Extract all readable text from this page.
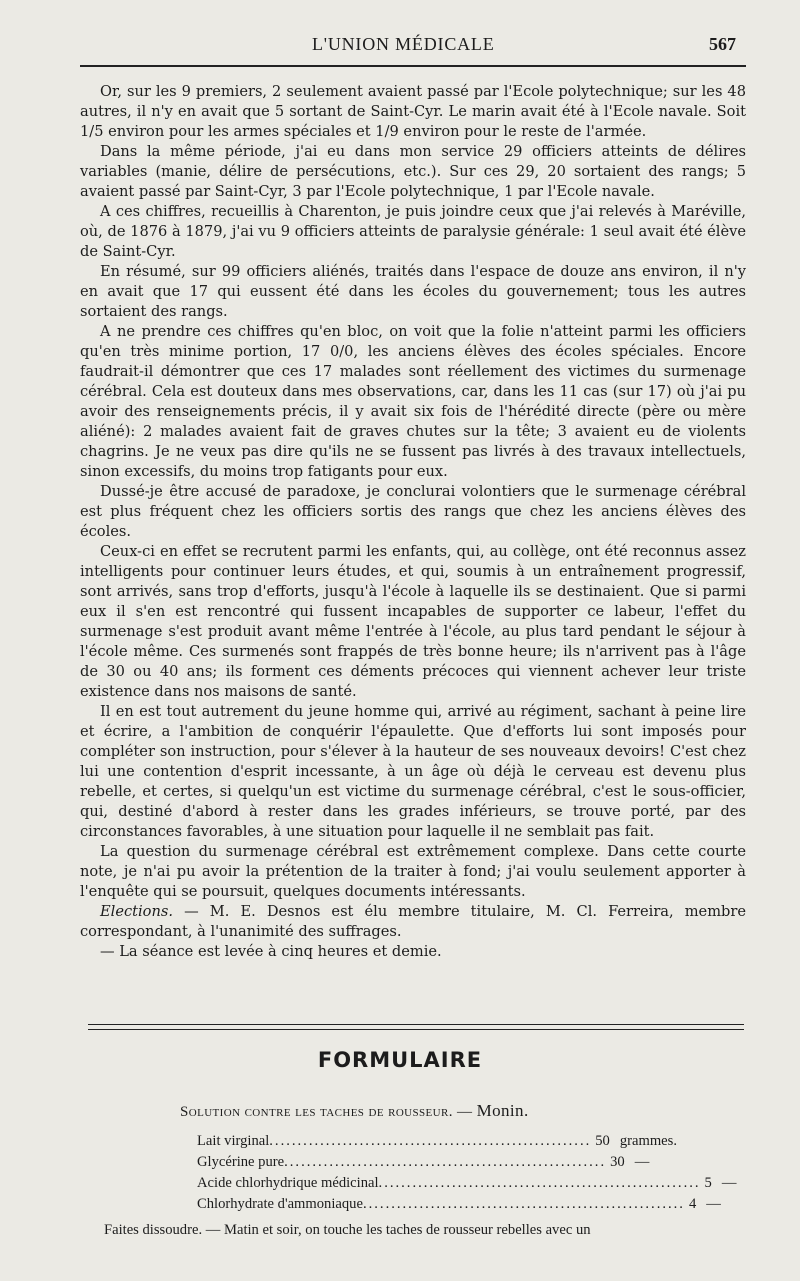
L'UNION MÉDICALE	567

Or, sur les 9 premiers, 2 seulement avaient passé par l'Ecole polytechnique; sur les 48 autres, il n'y en avait que 5 sortant de Saint-Cyr. Le marin avait été à l'Ecole navale. Soit 1/5 environ pour les armes spéciales et 1/9 environ pour le reste de l'armée.

Dans la même période, j'ai eu dans mon service 29 officiers atteints de délires variables (manie, délire de persécutions, etc.). Sur ces 29, 20 sortaient des rangs; 5 avaient passé par Saint-Cyr, 3 par l'Ecole polytechnique, 1 par l'Ecole navale.

A ces chiffres, recueillis à Charenton, je puis joindre ceux que j'ai relevés à Maréville, où, de 1876 à 1879, j'ai vu 9 officiers atteints de paralysie générale: 1 seul avait été élève de Saint-Cyr.

En résumé, sur 99 officiers aliénés, traités dans l'espace de douze ans environ, il n'y en avait que 17 qui eussent été dans les écoles du gouvernement; tous les autres sortaient des rangs.

A ne prendre ces chiffres qu'en bloc, on voit que la folie n'atteint parmi les officiers qu'en très minime portion, 17 0/0, les anciens élèves des écoles spéciales. Encore faudrait-il démontrer que ces 17 malades sont réellement des victimes du surmenage cérébral. Cela est douteux dans mes observations, car, dans les 11 cas (sur 17) où j'ai pu avoir des renseignements précis, il y avait six fois de l'hérédité directe (père ou mère aliéné): 2 malades avaient fait de graves chutes sur la tête; 3 avaient eu de violents chagrins. Je ne veux pas dire qu'ils ne se fussent pas livrés à des travaux intellectuels, sinon excessifs, du moins trop fatigants pour eux.

Dussé-je être accusé de paradoxe, je conclurai volontiers que le surmenage cérébral est plus fréquent chez les officiers sortis des rangs que chez les anciens élèves des écoles.

Ceux-ci en effet se recrutent parmi les enfants, qui, au collège, ont été reconnus assez intelligents pour continuer leurs études, et qui, soumis à un entraînement progressif, sont arrivés, sans trop d'efforts, jusqu'à l'école à laquelle ils se destinaient. Que si parmi eux il s'en est rencontré qui fussent incapables de supporter ce labeur, l'effet du surmenage s'est produit avant même l'entrée à l'école, au plus tard pendant le séjour à l'école même. Ces surmenés sont frappés de très bonne heure; ils n'arrivent pas à l'âge de 30 ou 40 ans; ils forment ces déments précoces qui viennent achever leur triste existence dans nos maisons de santé.

Il en est tout autrement du jeune homme qui, arrivé au régiment, sachant à peine lire et écrire, a l'ambition de conquérir l'épaulette. Que d'efforts lui sont imposés pour compléter son instruction, pour s'élever à la hauteur de ses nouveaux devoirs! C'est chez lui une contention d'esprit incessante, à un âge où déjà le cerveau est devenu plus rebelle, et certes, si quelqu'un est victime du surmenage cérébral, c'est le sous-officier, qui, destiné d'abord à rester dans les grades inférieurs, se trouve porté, par des circonstances favorables, à une situation pour laquelle il ne semblait pas fait.

La question du surmenage cérébral est extrêmement complexe. Dans cette courte note, je n'ai pu avoir la prétention de la traiter à fond; j'ai voulu seulement apporter à l'enquête qui se poursuit, quelques documents intéressants.

Elections. — M. E. Desnos est élu membre titulaire, M. Cl. Ferreira, membre correspondant, à l'unanimité des suffrages.

— La séance est levée à cinq heures et demie.

FORMULAIRE
Solution contre les taches de rousseur. — Monin.
Lait virginal ......................................................... 50 grammes.
Glycérine pure ......................................................... 30 —
Acide chlorhydrique médicinal ......................................................... 5 —
Chlorhydrate d'ammoniaque ......................................................... 4 —
Faites dissoudre. — Matin et soir, on touche les taches de rousseur rebelles avec un
